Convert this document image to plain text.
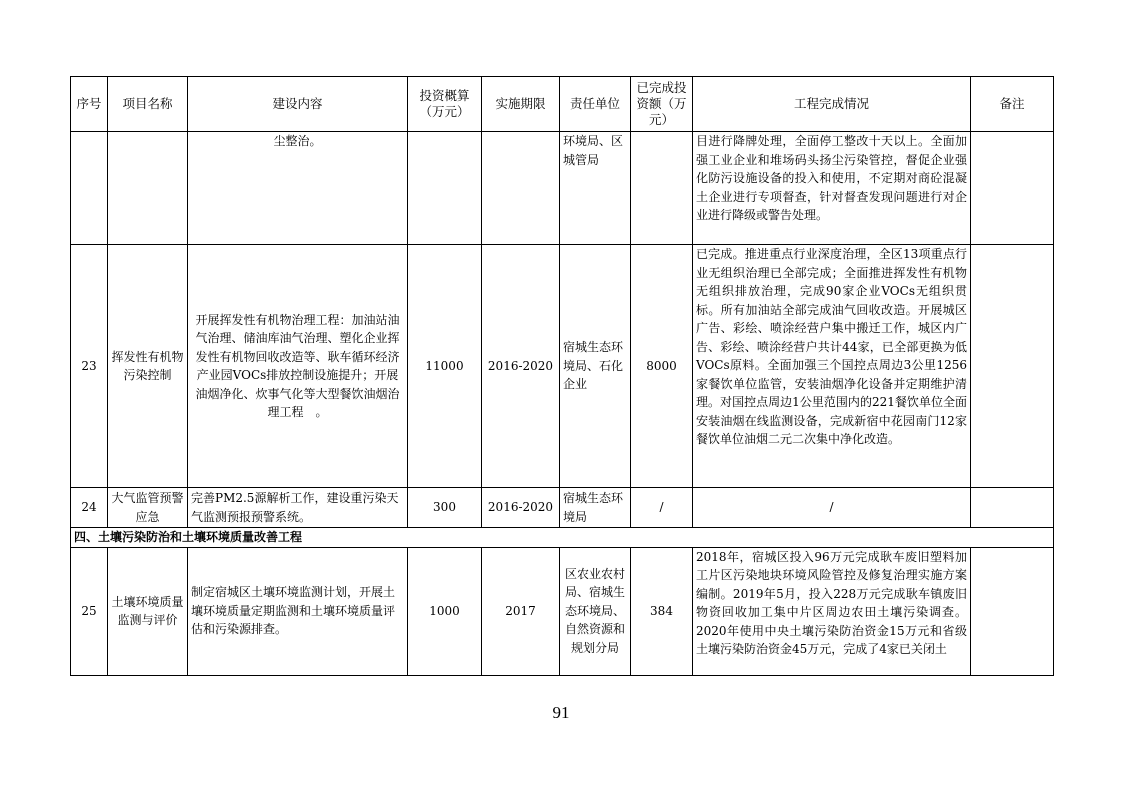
序号	项目名称	建设内容	投资概算（万元）	实施期限	责任单位	已完成投资额（万元）	工程完成情况	备注
		尘整治。			环境局、区城管局		目进行降牌处理，全面停工整改十天以上。全面加强工业企业和堆场码头扬尘污染管控，督促企业强化防污设施设备的投入和使用，不定期对商砼混凝土企业进行专项督查，针对督查发现问题进行对企业进行降级或警告处理。	
23	挥发性有机物污染控制	开展挥发性有机物治理工程：加油站油气治理、储油库油气治理、塑化企业挥发性有机物回收改造等、耿车循环经济产业园VOCs排放控制设施提升；开展油烟净化、炊事气化等大型餐饮油烟治理工程　。	11000	2016-2020	宿城生态环境局、石化企业	8000	已完成。推进重点行业深度治理，全区13项重点行业无组织治理已全部完成；全面推进挥发性有机物无组织排放治理，完成90家企业VOCs无组织贯标。所有加油站全部完成油气回收改造。开展城区广告、彩绘、喷涂经营户集中搬迁工作，城区内广告、彩绘、喷涂经营户共计44家，已全部更换为低VOCs原料。全面加强三个国控点周边3公里1256家餐饮单位监管，安装油烟净化设备并定期维护清理。对国控点周边1公里范围内的221餐饮单位全面安装油烟在线监测设备，完成新宿中花园南门12家餐饮单位油烟二元二次集中净化改造。	
24	大气监管预警应急	完善PM2.5源解析工作，建设重污染天气监测预报预警系统。	300	2016-2020	宿城生态环境局	/	/	
四、土壤污染防治和土壤环境质量改善工程								
25	土壤环境质量监测与评价	制定宿城区土壤环境监测计划，开展土壤环境质量定期监测和土壤环境质量评估和污染源排查。	1000	2017	区农业农村局、宿城生态环境局、自然资源和规划分局	384	2018年，宿城区投入96万元完成耿车废旧塑料加工片区污染地块环境风险管控及修复治理实施方案编制。2019年5月，投入228万元完成耿车镇废旧物资回收加工集中片区周边农田土壤污染调查。2020年使用中央土壤污染防治资金15万元和省级土壤污染防治资金45万元，完成了4家已关闭土	
91
